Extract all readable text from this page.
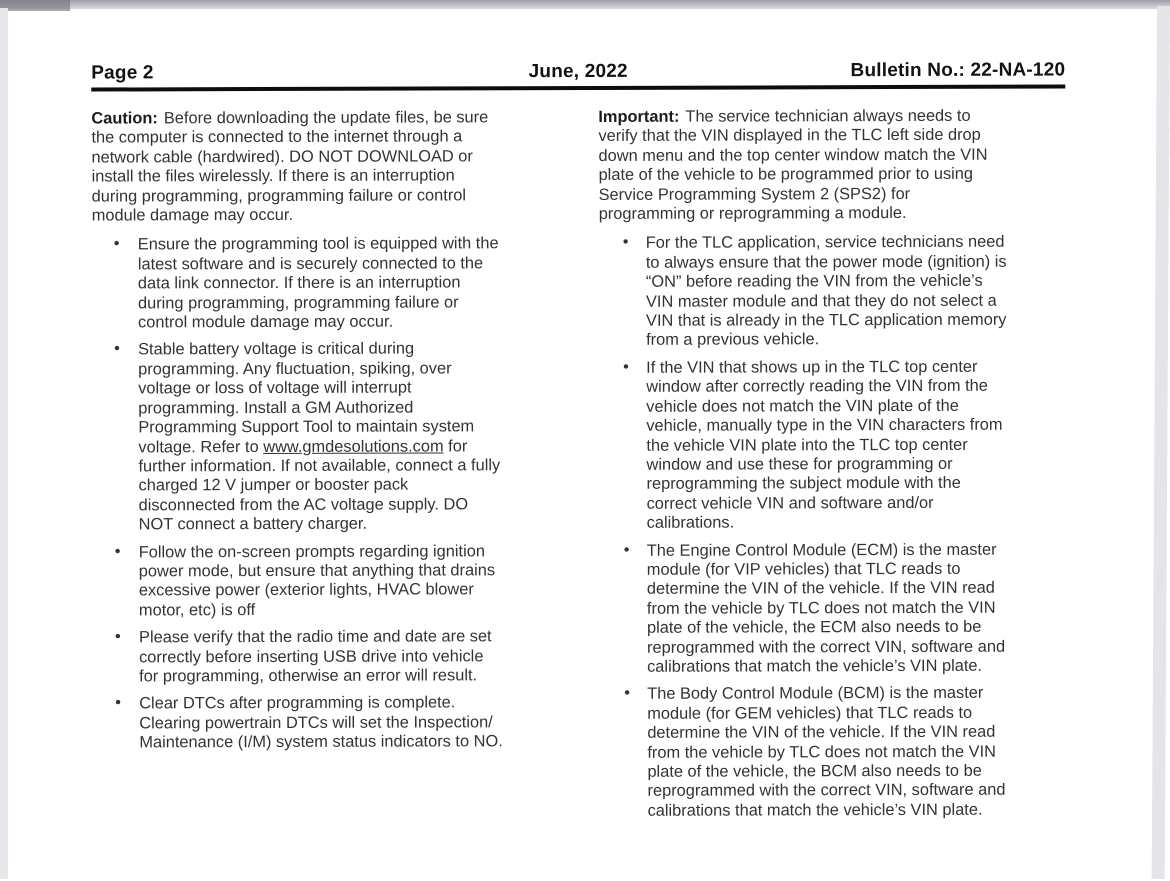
Page 2	June, 2022	Bulletin No.: 22-NA-120

Caution: Before downloading the update files, be sure
the computer is connected to the internet through a
network cable (hardwired). DO NOT DOWNLOAD or
install the files wirelessly. If there is an interruption
during programming, programming failure or control
module damage may occur.

• Ensure the programming tool is equipped with the
latest software and is securely connected to the
data link connector. If there is an interruption
during programming, programming failure or
control module damage may occur.
• Stable battery voltage is critical during
programming. Any fluctuation, spiking, over
voltage or loss of voltage will interrupt
programming. Install a GM Authorized
Programming Support Tool to maintain system
voltage. Refer to www.gmdesolutions.com for
further information. If not available, connect a fully
charged 12 V jumper or booster pack
disconnected from the AC voltage supply. DO
NOT connect a battery charger.
• Follow the on-screen prompts regarding ignition
power mode, but ensure that anything that drains
excessive power (exterior lights, HVAC blower
motor, etc) is off
• Please verify that the radio time and date are set
correctly before inserting USB drive into vehicle
for programming, otherwise an error will result.
• Clear DTCs after programming is complete.
Clearing powertrain DTCs will set the Inspection/
Maintenance (I/M) system status indicators to NO.

Important: The service technician always needs to
verify that the VIN displayed in the TLC left side drop
down menu and the top center window match the VIN
plate of the vehicle to be programmed prior to using
Service Programming System 2 (SPS2) for
programming or reprogramming a module.

• For the TLC application, service technicians need
to always ensure that the power mode (ignition) is
“ON” before reading the VIN from the vehicle’s
VIN master module and that they do not select a
VIN that is already in the TLC application memory
from a previous vehicle.
• If the VIN that shows up in the TLC top center
window after correctly reading the VIN from the
vehicle does not match the VIN plate of the
vehicle, manually type in the VIN characters from
the vehicle VIN plate into the TLC top center
window and use these for programming or
reprogramming the subject module with the
correct vehicle VIN and software and/or
calibrations.
• The Engine Control Module (ECM) is the master
module (for VIP vehicles) that TLC reads to
determine the VIN of the vehicle. If the VIN read
from the vehicle by TLC does not match the VIN
plate of the vehicle, the ECM also needs to be
reprogrammed with the correct VIN, software and
calibrations that match the vehicle’s VIN plate.
• The Body Control Module (BCM) is the master
module (for GEM vehicles) that TLC reads to
determine the VIN of the vehicle. If the VIN read
from the vehicle by TLC does not match the VIN
plate of the vehicle, the BCM also needs to be
reprogrammed with the correct VIN, software and
calibrations that match the vehicle’s VIN plate.
